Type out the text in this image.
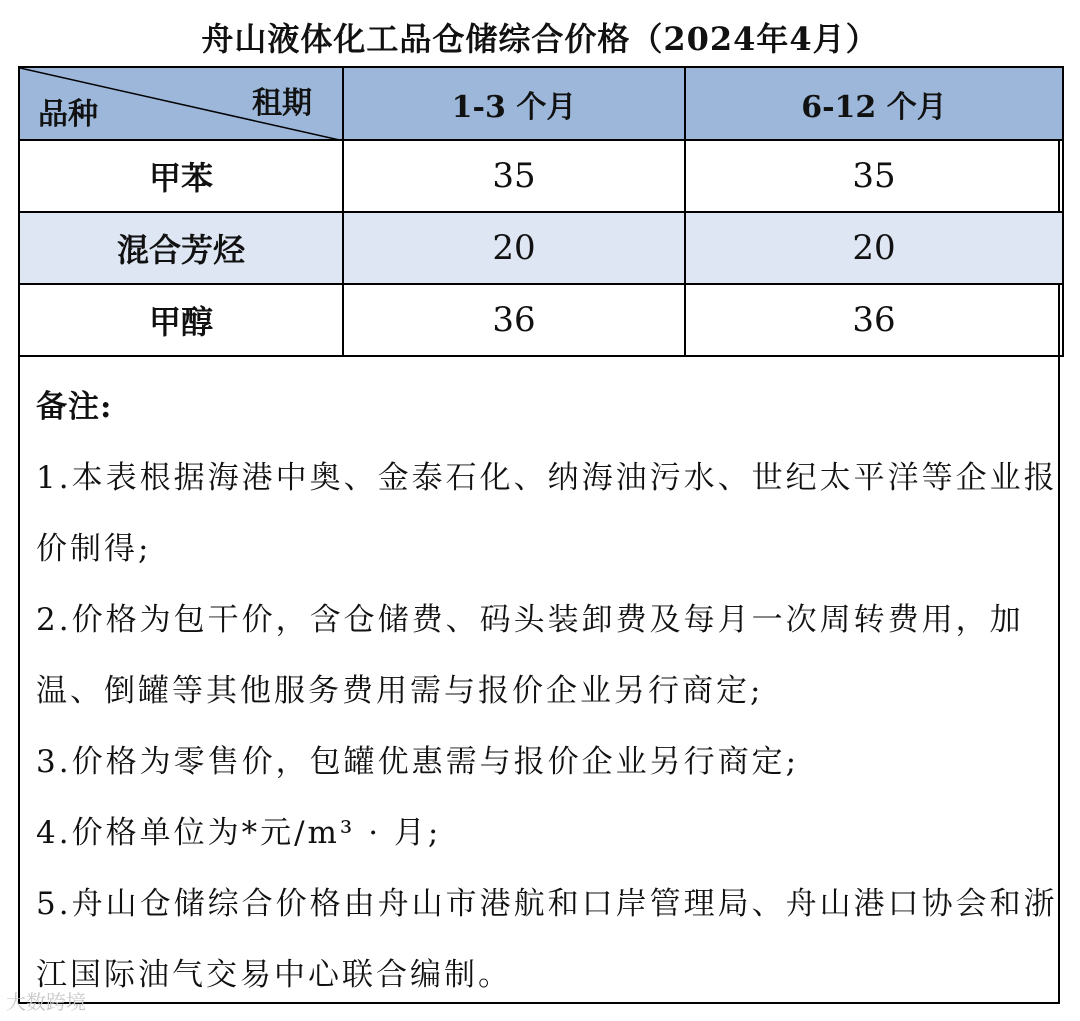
舟山液体化工品仓储综合价格（2024年4月）
租期
品种	1-3 个月	6-12 个月
甲苯	35	35
混合芳烃	20	20
甲醇	36	36

备注:

1.本表根据海港中奥、金泰石化、纳海油污水、世纪太平洋等企业报价制得;

2.价格为包干价，含仓储费、码头装卸费及每月一次周转费用，加温、倒罐等其他服务费用需与报价企业另行商定;

3.价格为零售价，包罐优惠需与报价企业另行商定;

4.价格单位为*元/m³ · 月;

5.舟山仓储综合价格由舟山市港航和口岸管理局、舟山港口协会和浙江国际油气交易中心联合编制。

大数跨境
